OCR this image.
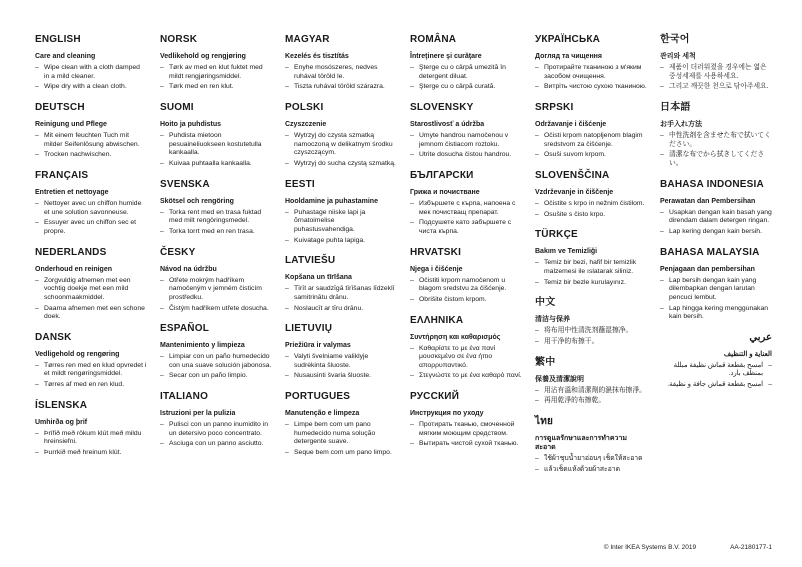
ENGLISH
Care and cleaning
– Wipe clean with a cloth damped in a mild cleaner.
– Wipe dry with a clean cloth.
DEUTSCH
Reinigung und Pflege
– Mit einem feuchten Tuch mit milder Seifenlösung abwischen.
– Trocken nachwischen.
FRANÇAIS
Entretien et nettoyage
– Nettoyer avec un chiffon humide et une solution savonneuse.
– Essuyer avec un chiffon sec et propre.
NEDERLANDS
Onderhoud en reinigen
– Zorgvuldig afnemen met een vochtig doekje met een mild schoonmaakmiddel.
– Daarna afnemen met een schone doek.
DANSK
Vedligehold og rengøring
– Tørres ren med en klud opvredet i et mildt rengøringsmiddel.
– Tørres af med en ren klud.
ÍSLENSKA
Umhirða og þrif
– Þrífið með rökum klút með mildu hreinsiefni.
– Þurrkið með hreinum klút.
NORSK
Vedlikehold og rengjøring
– Tørk av med en klut fuktet med mildt rengjøringsmiddel.
– Tørk med en ren klut.
SUOMI
Hoito ja puhdistus
– Puhdista mietoon pesuaineliuokseen kostutetulla kankaalla.
– Kuivaa puhtaalla kankaalla.
SVENSKA
Skötsel och rengöring
– Torka rent med en trasa fuktad med milt rengöringsmedel.
– Torka torrt med en ren trasa.
ČESKY
Návod na údržbu
– Otřete mokrým hadříkem namočeným v jemném čisticím prostředku.
– Čistým hadříkem utřete dosucha.
ESPAÑOL
Mantenimiento y limpieza
– Limpiar con un paño humedecido con una suave solución jabonosa.
– Secar con un paño limpio.
ITALIANO
Istruzioni per la pulizia
– Pulisci con un panno inumidito in un detersivo poco concentrato.
– Asciuga con un panno asciutto.
MAGYAR
Kezelés és tisztítás
– Enyhe mosószeres, nedves ruhával töröld le.
– Tiszta ruhával töröld szárazra.
POLSKI
Czyszczenie
– Wytrzyj do czysta szmatką namoczoną w delikatnym środku czyszczącym.
– Wytrzyj do sucha czystą szmatką.
EESTI
Hooldamine ja puhastamine
– Puhastage niiske lapi ja õrnatoimelise puhastusvahendiga.
– Kuivatage puhta lapiga.
LATVIEŠU
Kopšana un tīrīšana
– Tīrīt ar saudzīgā tīrīšanas līdzeklī samitrinātu drānu.
– Noslaucīt ar tīru drānu.
LIETUVIŲ
Priežiūra ir valymas
– Valyti švelniame valiklyje sudrėkinta šluoste.
– Nusausinti švaria šluoste.
PORTUGUES
Manutenção e limpeza
– Limpe bem com um pano humedecido numa solução detergente suave.
– Seque bem com um pano limpo.
ROMÂNA
Întreţinere şi curăţare
– Şterge cu o cârpă umezită în detergent diluat.
– Şterge cu o cârpă curată.
SLOVENSKY
Starostlivosť a údržba
– Umyte handrou namočenou v jemnom čistiacom roztoku.
– Utrite dosucha čistou handrou.
БЪЛГАРСКИ
Грижа и почистване
– Избършете с кърпа, напоена с мек почистващ препарат.
– Подсушете като забършете с чиста кърпа.
HRVATSKI
Njega i čišćenje
– Očistiti krpom namočenom u blagom sredstvu za čišćenje.
– Obrišite čistom krpom.
ΕΛΛΗΝΙΚΑ
Συντήρηση και καθαρισμός
– Καθαρίστε το με ένα πανί μουσκεμένο σε ένα ήπιο απορρυπαντικό.
– Στεγνώστε το με ένα καθαρό πανί.
РУССКИЙ
Инструкция по уходу
– Протирать тканью, смоченной мягким моющим средством.
– Вытирать чистой сухой тканью.
УКРАЇНСЬКА
Догляд та чищення
– Протирайте тканиною з м'яким засобом очищення.
– Витріть чистою сухою тканиною.
SRPSKI
Održavanje i čišćenje
– Očisti krpom natopljenom blagim sredstvom za čišćenje.
– Osuši suvom krpom.
SLOVENŠČINA
Vzdrževanje in čiščenje
– Očistite s krpo in nežnim čistilom.
– Osušite s čisto krpo.
TÜRKÇE
Bakım ve Temizliği
– Temiz bir bezi, hafif bir temizlik malzemesi ile ıslatarak siliniz.
– Temiz bir bezle kurulayınız.
中文
清洁与保养
– 将布用中性清洗剂蘸湿擦净。
– 用干净的布擦干。
繁中
保養及清潔說明
– 用沾有溫和清潔劑的濕抹布擦淨。
– 再用乾淨的布擦乾。
ไทย
การดูแลรักษาและการทำความสะอาด
– ใช้ผ้าชุบน้ำยาอ่อนๆ เช็ดให้สะอาด
– แล้วเช็ดแห้งด้วยผ้าสะอาด
한국어
관리와 세척
– 제품이 더러워졌을 경우에는 엷은 중성세제를 사용하세요.
– 그리고 깨끗한 천으로 닦아주세요.
日本語
お手入れ方法
– 中性洗剤を含ませた布で拭いてください。
– 清潔な布でから拭きしてください。
BAHASA INDONESIA
Perawatan dan Pembersihan
– Usapkan dengan kain basah yang direndam dalam detergen ringan.
– Lap kering dengan kain bersih.
BAHASA MALAYSIA
Penjagaan dan pembersihan
– Lap bersih dengan kain yang dilembapkan dengan larutan pencuci lembut.
– Lap hingga kering menggunakan kain bersih.
عربي
العناية و التنظيف
–
امسح بقطعة قماش نظيفة مبللة بمنظف بارد.
–
امسح بقطعة قماش جافة و نظيفة.
© Inter IKEA Systems B.V. 2019	AA-2180177-1
